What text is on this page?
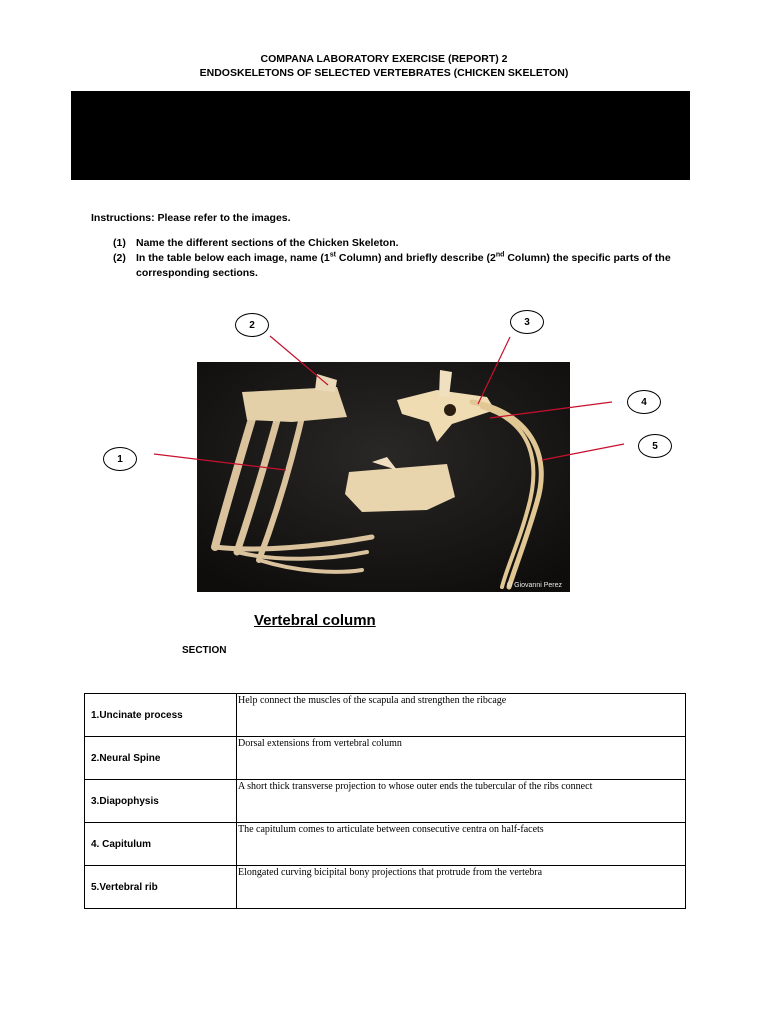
COMPANA LABORATORY EXERCISE (REPORT) 2
ENDOSKELETONS OF SELECTED VERTEBRATES (CHICKEN SKELETON)
Instructions: Please refer to the images.
(1) Name the different sections of the Chicken Skeleton.
(2) In the table below each image, name (1st Column) and briefly describe (2nd Column) the specific parts of the corresponding sections.
© Giovanni Perez
1
2	3
4
5
Vertebral column
SECTION
1.Uncinate process	Help connect the muscles of the scapula and strengthen the ribcage
2.Neural Spine	Dorsal extensions from vertebral column
3.Diapophysis	A short thick transverse projection to whose outer ends the tubercular of the ribs connect
4. Capitulum	The capitulum comes to articulate between consecutive centra on half-facets
5.Vertebral rib	Elongated curving bicipital bony projections that protrude from the vertebra
